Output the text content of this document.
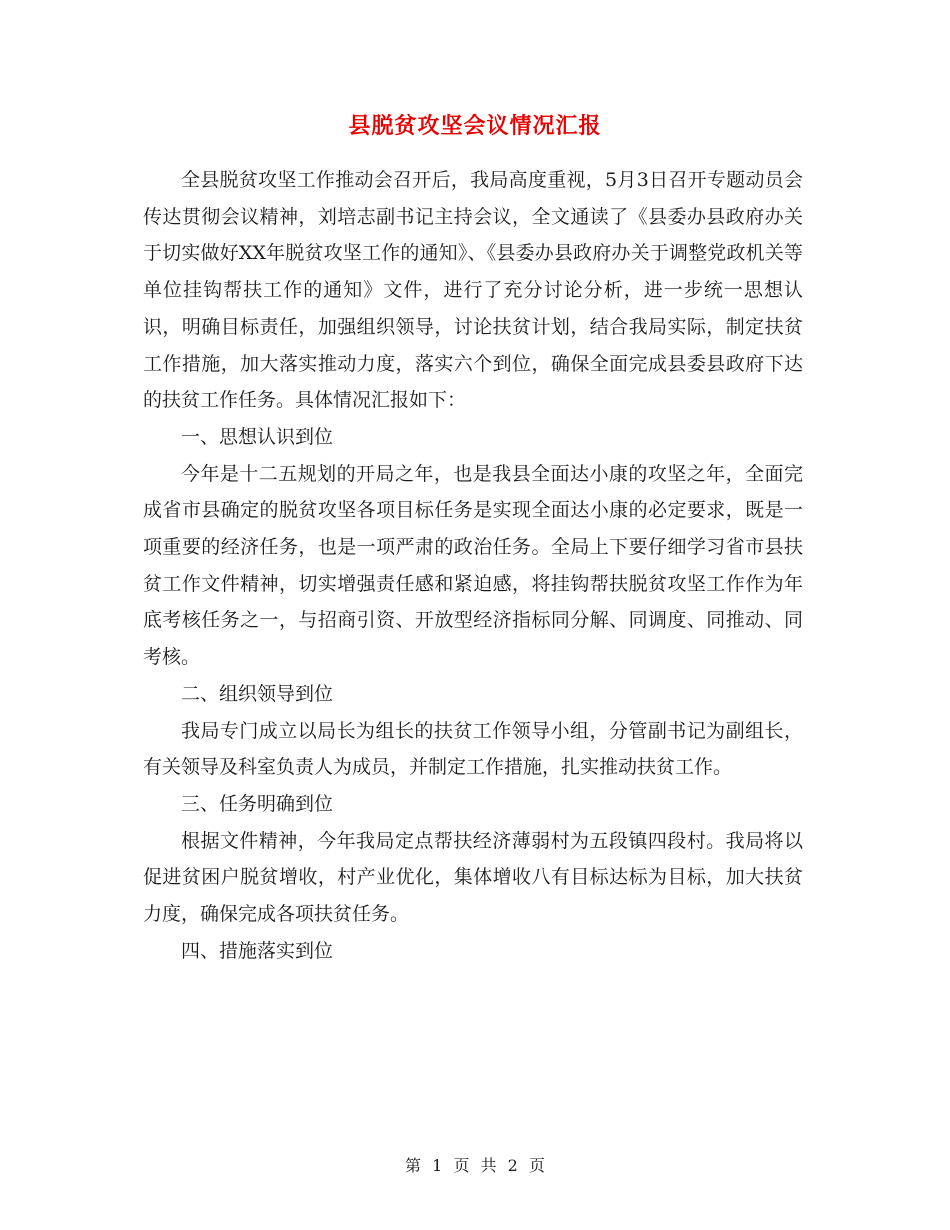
县脱贫攻坚会议情况汇报

全县脱贫攻坚工作推动会召开后，我局高度重视，5月3日召开专题动员会传达贯彻会议精神，刘培志副书记主持会议，全文通读了《县委办县政府办关于切实做好XX年脱贫攻坚工作的通知》、《县委办县政府办关于调整党政机关等单位挂钩帮扶工作的通知》文件，进行了充分讨论分析，进一步统一思想认识，明确目标责任，加强组织领导，讨论扶贫计划，结合我局实际，制定扶贫工作措施，加大落实推动力度，落实六个到位，确保全面完成县委县政府下达的扶贫工作任务。具体情况汇报如下：

一、思想认识到位

今年是十二五规划的开局之年，也是我县全面达小康的攻坚之年，全面完成省市县确定的脱贫攻坚各项目标任务是实现全面达小康的必定要求，既是一项重要的经济任务，也是一项严肃的政治任务。全局上下要仔细学习省市县扶贫工作文件精神，切实增强责任感和紧迫感，将挂钩帮扶脱贫攻坚工作作为年底考核任务之一，与招商引资、开放型经济指标同分解、同调度、同推动、同考核。

二、组织领导到位

我局专门成立以局长为组长的扶贫工作领导小组，分管副书记为副组长，有关领导及科室负责人为成员，并制定工作措施，扎实推动扶贫工作。

三、任务明确到位

根据文件精神，今年我局定点帮扶经济薄弱村为五段镇四段村。我局将以促进贫困户脱贫增收，村产业优化，集体增收八有目标达标为目标，加大扶贫力度，确保完成各项扶贫任务。

四、措施落实到位

第 1 页 共 2 页
